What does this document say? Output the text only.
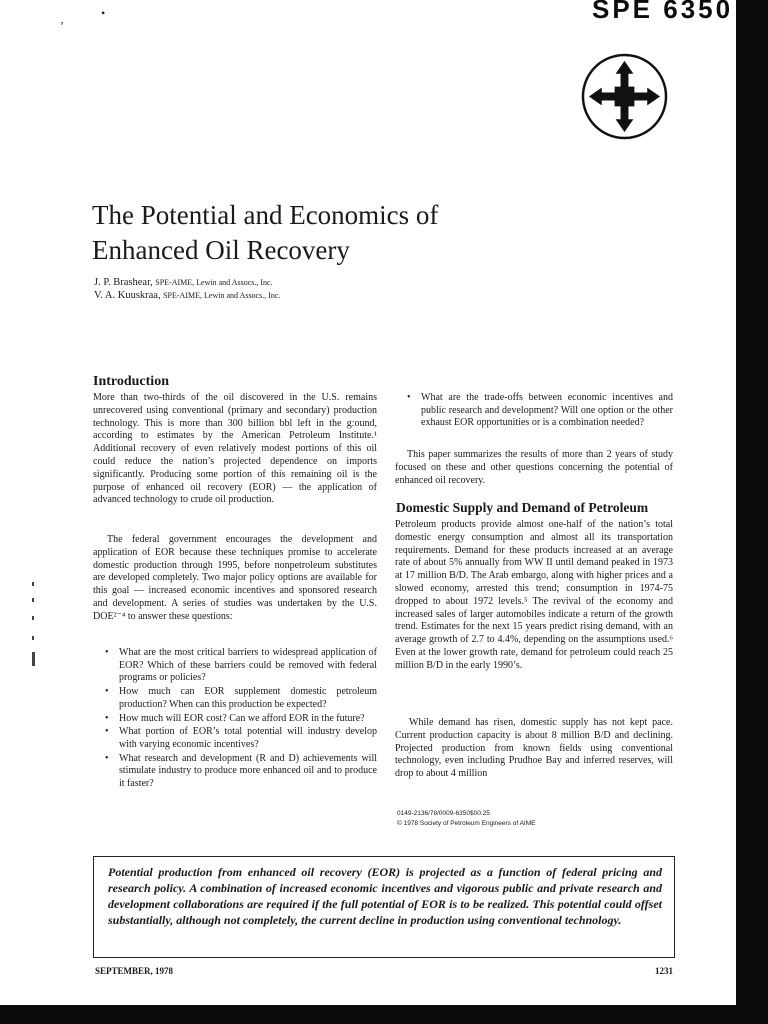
SPE 6350
‚	•
The Potential and Economics of
Enhanced Oil Recovery
J. P. Brashear, SPE-AIME, Lewin and Assocs., Inc.
V. A. Kuuskraa, SPE-AIME, Lewin and Assocs., Inc.
Introduction

More than two-thirds of the oil discovered in the U.S. remains unrecovered using conventional (primary and secondary) production technology. This is more than 300 billion bbl left in the g:ound, according to estimates by the American Petroleum Institute.¹ Additional recovery of even relatively modest portions of this oil could reduce the nation’s projected dependence on imports significantly. Producing some portion of this remaining oil is the purpose of enhanced oil recovery (EOR) — the application of advanced technology to crude oil production.

The federal government encourages the development and application of EOR because these techniques promise to accelerate domestic production through 1995, before nonpetroleum substitutes are developed completely. Two major policy options are available for this goal — increased economic incentives and sponsored research and development. A series of studies was undertaken by the U.S. DOE²⁻⁴ to answer these questions:

• What are the most critical barriers to widespread application of EOR? Which of these barriers could be removed with federal programs or policies?
• How much can EOR supplement domestic petroleum production? When can this production be expected?
• How much will EOR cost? Can we afford EOR in the future?
• What portion of EOR’s total potential will industry develop with varying economic incentives?
• What research and development (R and D) achievements will stimulate industry to produce more enhanced oil and to produce it faster?
• What are the trade-offs between economic incentives and public research and development? Will one option or the other exhaust EOR opportunities or is a combination needed?

This paper summarizes the results of more than 2 years of study focused on these and other questions concerning the potential of enhanced oil recovery.

Domestic Supply and Demand of Petroleum

Petroleum products provide almost one-half of the nation’s total domestic energy consumption and almost all its transportation requirements. Demand for these products increased at an average rate of about 5% annually from WW II until demand peaked in 1973 at 17 million B/D. The Arab embargo, along with higher prices and a slowed economy, arrested this trend; consumption in 1974-75 dropped to about 1972 levels.⁵ The revival of the economy and increased sales of larger automobiles indicate a return of the growth trend. Estimates for the next 15 years predict rising demand, with an average growth of 2.7 to 4.4%, depending on the assumptions used.⁶ Even at the lower growth rate, demand for petroleum could reach 25 million B/D in the early 1990’s.

While demand has risen, domestic supply has not kept pace. Current production capacity is about 8 million B/D and declining. Projected production from known fields using conventional technology, even including Prudhoe Bay and inferred reserves, will drop to about 4 million

0149-2136/78/0009-6350$00.25
© 1978 Society of Petroleum Engineers of AIME

Potential production from enhanced oil recovery (EOR) is projected as a function of federal pricing and research policy. A combination of increased economic incentives and vigorous public and private research and development collaborations are required if the full potential of EOR is to be realized. This potential could offset substantially, although not completely, the current decline in production using conventional technology.

SEPTEMBER, 1978	1231
